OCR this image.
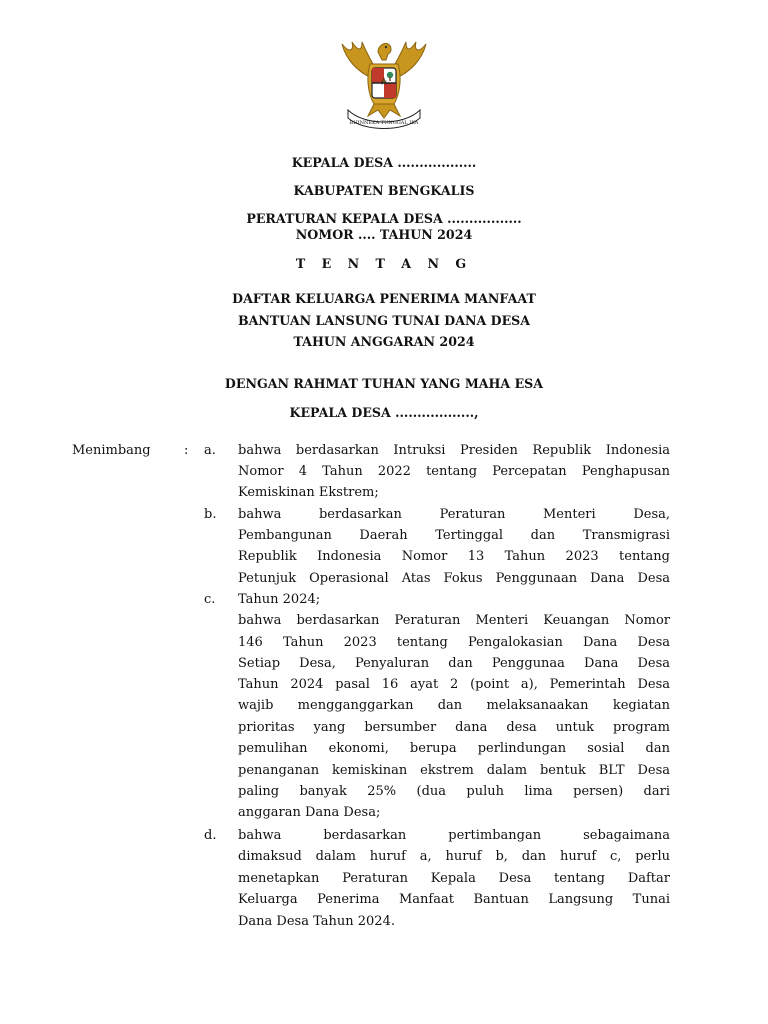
BHINNEKA TUNGGAL IKA
KEPALA DESA ..................
KABUPATEN BENGKALIS
PERATURAN KEPALA DESA .................
NOMOR .... TAHUN 2024
T E N T A N G
DAFTAR KELUARGA PENERIMA MANFAAT
BANTUAN LANSUNG TUNAI DANA DESA
TAHUN ANGGARAN 2024
DENGAN RAHMAT TUHAN YANG MAHA ESA
KEPALA DESA ..................,
Menimbang	: a. bahwa berdasarkan Intruksi Presiden Republik Indonesia
Nomor 4 Tahun 2022 tentang Percepatan Penghapusan
Kemiskinan Ekstrem;
b. bahwa berdasarkan Peraturan Menteri Desa,
Pembangunan Daerah Tertinggal dan Transmigrasi
Republik Indonesia Nomor 13 Tahun 2023 tentang
Petunjuk Operasional Atas Fokus Penggunaan Dana Desa
Tahun 2024;
c.
bahwa berdasarkan Peraturan Menteri Keuangan Nomor
146 Tahun 2023 tentang Pengalokasian Dana Desa
Setiap Desa, Penyaluran dan Penggunaa Dana Desa
Tahun 2024 pasal 16 ayat 2 (point a), Pemerintah Desa
wajib mengganggarkan dan melaksanaakan kegiatan
prioritas yang bersumber dana desa untuk program
pemulihan ekonomi, berupa perlindungan sosial dan
penanganan kemiskinan ekstrem dalam bentuk BLT Desa
paling banyak 25% (dua puluh lima persen) dari
anggaran Dana Desa;
d. bahwa berdasarkan pertimbangan sebagaimana
dimaksud dalam huruf a, huruf b, dan huruf c, perlu
menetapkan Peraturan Kepala Desa tentang Daftar
Keluarga Penerima Manfaat Bantuan Langsung Tunai
Dana Desa Tahun 2024.
